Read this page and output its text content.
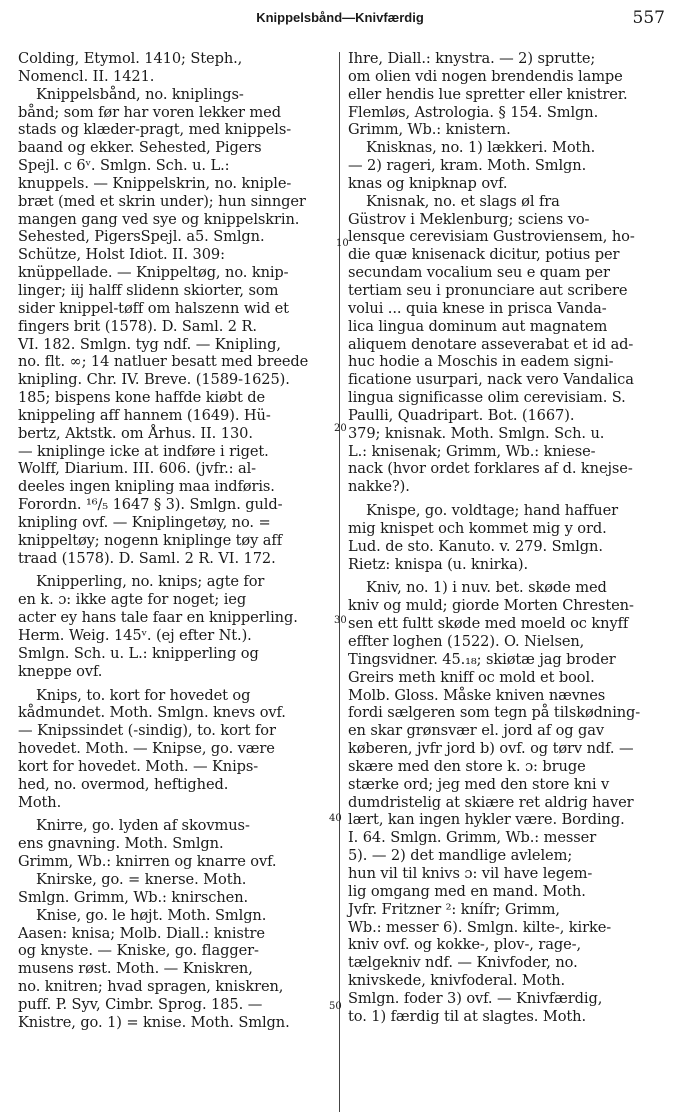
Knippelsbånd—Knivfærdig	557
Colding, Etymol. 1410; Steph.,
Nomencl. II. 1421.
Knippelsbånd, no. kniplings-
bånd; som før har voren lekker med
stads og klæder-pragt, med knippels-
baand og ekker. Sehested, Pigers
Spejl. c 6ᵛ. Smlgn. Sch. u. L.:
knuppels. — Knippelskrin, no. kniple-
bræt (med et skrin under); hun sinnger
mangen gang ved sye og knippelskrin.
Sehested, PigersSpejl. a5. Smlgn.
Schütze, Holst Idiot. II. 309:
knüppellade. — Knippeltøg, no. knip-
linger; iij halff slidenn skiorter, som
sider knippel-tøff om halszenn wid et
fingers brit (1578). D. Saml. 2 R.
VI. 182. Smlgn. tyg ndf. — Knipling,
no. flt. ∞; 14 natluer besatt med breede
knipling. Chr. IV. Breve. (1589-1625).
185; bispens kone haffde kiøbt de
knippeling aff hannem (1649). Hü-
bertz, Aktstk. om Århus. II. 130.
— kniplinge icke at indføre i riget.
Wolff, Diarium. III. 606. (jvfr.: al-
deeles ingen knipling maa indføris.
Forordn. ¹⁶/₅ 1647 § 3). Smlgn. guld-
knipling ovf. — Kniplingetøy, no. =
knippeltøy; nogenn kniplinge tøy aff
traad (1578). D. Saml. 2 R. VI. 172.
Knipperling, no. knips; agte for
en k. ɔ: ikke agte for noget; ieg
acter ey hans tale faar en knipperling.
Herm. Weig. 145ᵛ. (ej efter Nt.).
Smlgn. Sch. u. L.: knipperling og
kneppe ovf.
Knips, to. kort for hovedet og
kådmundet. Moth. Smlgn. knevs ovf.
— Knipssindet (-sindig), to. kort for
hovedet. Moth. — Knipse, go. være
kort for hovedet. Moth. — Knips-
hed, no. overmod, heftighed.
Moth.
Knirre, go. lyden af skovmus-
ens gnavning. Moth. Smlgn.
Grimm, Wb.: knirren og knarre ovf.
Knirske, go. = knerse. Moth.
Smlgn. Grimm, Wb.: knirschen.
Knise, go. le højt. Moth. Smlgn.
Aasen: knisa; Molb. Diall.: knistre
og knyste. — Kniske, go. flagger-
musens røst. Moth. — Kniskren,
no. knitren; hvad spragen, kniskren,
puff. P. Syv, Cimbr. Sprog. 185. —
Knistre, go. 1) = knise. Moth. Smlgn.
Ihre, Diall.: knystra. — 2) sprutte;
om olien vdi nogen brendendis lampe
eller hendis lue spretter eller knistrer.
Flemløs, Astrologia. § 154. Smlgn.
Grimm, Wb.: knistern.
Knisknas, no. 1) lækkeri. Moth.
— 2) rageri, kram. Moth. Smlgn.
knas og knipknap ovf.
Knisnak, no. et slags øl fra
Güstrov i Meklenburg; sciens vo-
lensque cerevisiam Gustroviensem, ho-
die quæ knisenack dicitur, potius per
secundam vocalium seu e quam per
tertiam seu i pronunciare aut scribere
volui ... quia knese in prisca Vanda-
lica lingua dominum aut magnatem
aliquem denotare asseverabat et id ad-
huc hodie a Moschis in eadem signi-
ficatione usurpari, nack vero Vandalica
lingua significasse olim cerevisiam. S.
Paulli, Quadripart. Bot. (1667).
379; knisnak. Moth. Smlgn. Sch. u.
L.: knisenak; Grimm, Wb.: kniese-
nack (hvor ordet forklares af d. knejse-
nakke?).
Knispe, go. voldtage; hand haffuer
mig knispet och kommet mig y ord.
Lud. de sto. Kanuto. v. 279. Smlgn.
Rietz: knispa (u. knirka).
Kniv, no. 1) i nuv. bet. skøde med
kniv og muld; giorde Morten Chresten-
sen ett fultt skøde med moeld oc knyff
effter loghen (1522). O. Nielsen,
Tingsvidner. 45.₁₈; skiøtæ jag broder
Greirs meth kniff oc mold et bool.
Molb. Gloss. Måske kniven nævnes
fordi sælgeren som tegn på tilskødning-
en skar grønsvær el. jord af og gav
køberen, jvfr jord b) ovf. og tørv ndf. —
skære med den store k. ɔ: bruge
stærke ord; jeg med den store kni v
dumdristelig at skiære ret aldrig haver
lært, kan ingen hykler være. Bording.
I. 64. Smlgn. Grimm, Wb.: messer
5). — 2) det mandlige avlelem;
hun vil til knivs ɔ: vil have legem-
lig omgang med en mand. Moth.
Jvfr. Fritzner ²: knífr; Grimm,
Wb.: messer 6). Smlgn. kilte-, kirke-
kniv ovf. og kokke-, plov-, rage-,
tælgekniv ndf. — Knivfoder, no.
knivskede, knivfoderal. Moth.
Smlgn. foder 3) ovf. — Knivfærdig,
to. 1) færdig til at slagtes. Moth.
10
20
30
40
50
